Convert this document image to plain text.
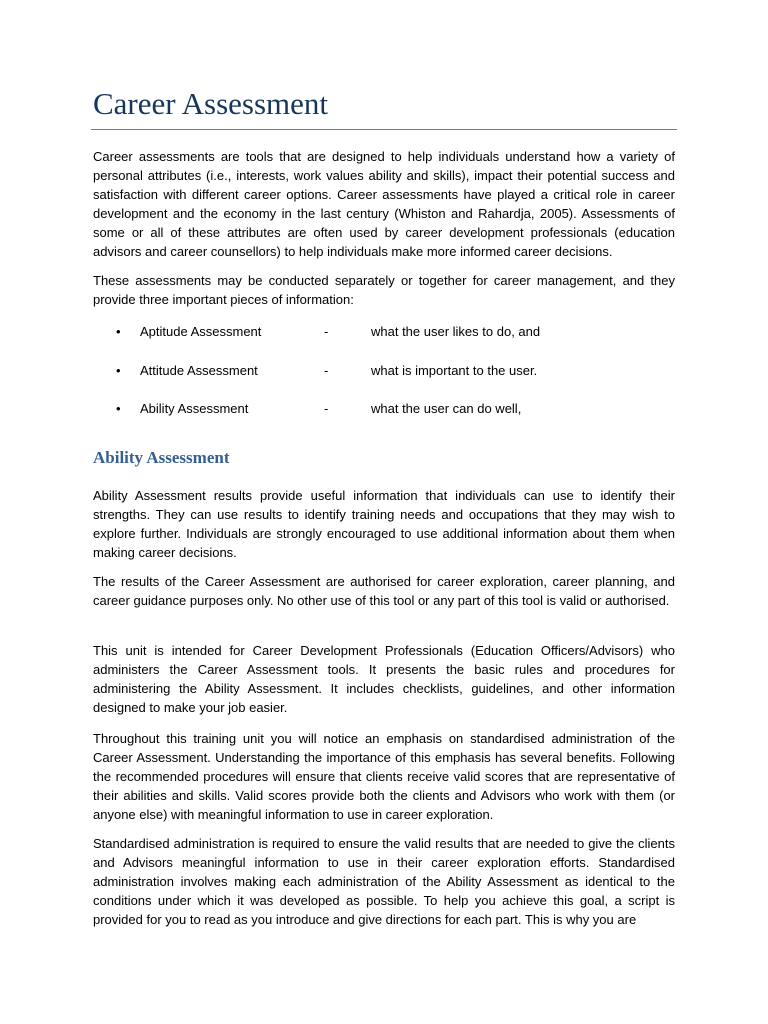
Career Assessment

Career assessments are tools that are designed to help individuals understand how a variety of personal attributes (i.e., interests, work values ability and skills), impact their potential success and satisfaction with different career options. Career assessments have played a critical role in career development and the economy in the last century (Whiston and Rahardja, 2005). Assessments of some or all of these attributes are often used by career development professionals (education advisors and career counsellors) to help individuals make more informed career decisions.

These assessments may be conducted separately or together for career management, and they provide three important pieces of information:

• Aptitude Assessment	-	what the user likes to do, and
• Attitude Assessment	-	what is important to the user.
• Ability Assessment	-	what the user can do well,
Ability Assessment

Ability Assessment results provide useful information that individuals can use to identify their strengths. They can use results to identify training needs and occupations that they may wish to explore further. Individuals are strongly encouraged to use additional information about them when making career decisions.

The results of the Career Assessment are authorised for career exploration, career planning, and career guidance purposes only. No other use of this tool or any part of this tool is valid or authorised.

This unit is intended for Career Development Professionals (Education Officers/Advisors) who administers the Career Assessment tools. It presents the basic rules and procedures for administering the Ability Assessment. It includes checklists, guidelines, and other information designed to make your job easier.

Throughout this training unit you will notice an emphasis on standardised administration of the Career Assessment. Understanding the importance of this emphasis has several benefits. Following the recommended procedures will ensure that clients receive valid scores that are representative of their abilities and skills. Valid scores provide both the clients and Advisors who work with them (or anyone else) with meaningful information to use in career exploration.

Standardised administration is required to ensure the valid results that are needed to give the clients and Advisors meaningful information to use in their career exploration efforts. Standardised administration involves making each administration of the Ability Assessment as identical to the conditions under which it was developed as possible. To help you achieve this goal, a script is provided for you to read as you introduce and give directions for each part. This is why you are
